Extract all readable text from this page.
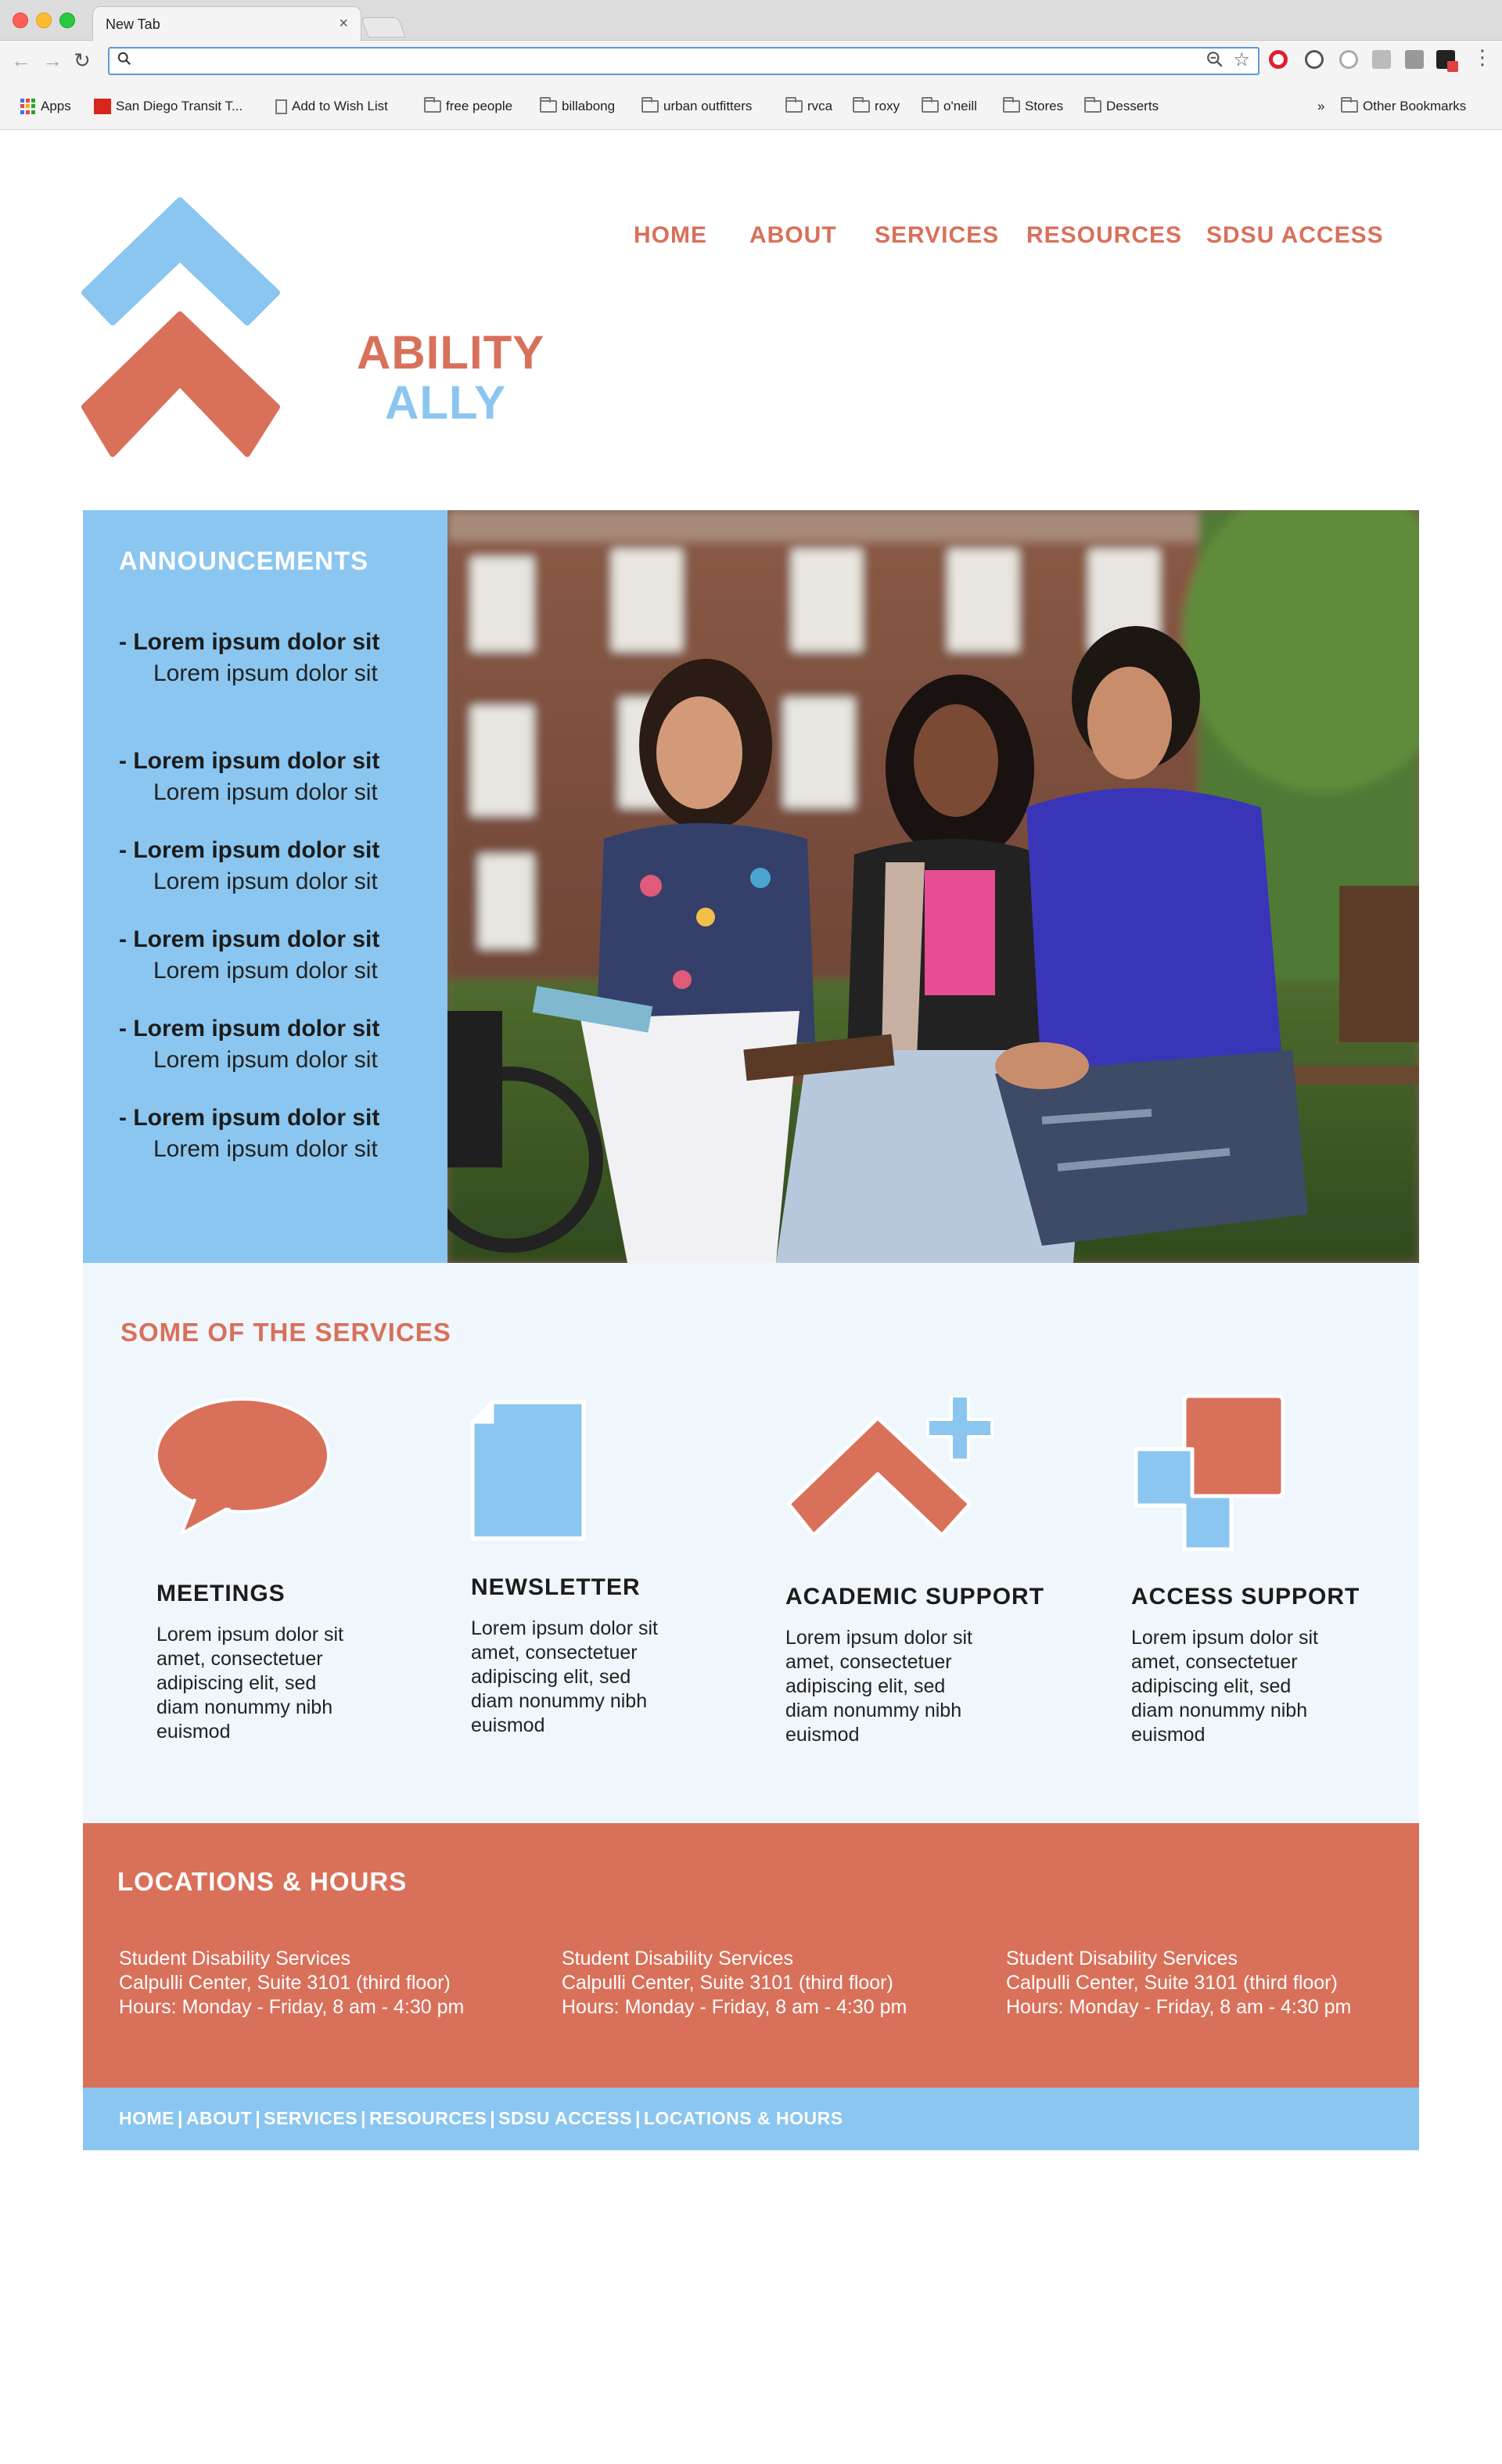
New Tab	×
← → ↻	☆	⋮
Apps	San Diego Transit T...	Add to Wish List	free people	billabong	urban outfitters	rvca	roxy	o'neill	Stores	Desserts	»	Other Bookmarks
ABILITY
ALLY
HOME ABOUT SERVICES RESOURCES SDSU ACCESS
ANNOUNCEMENTS
- Lorem ipsum dolor sit
Lorem ipsum dolor sit
- Lorem ipsum dolor sit
Lorem ipsum dolor sit
- Lorem ipsum dolor sit
Lorem ipsum dolor sit
- Lorem ipsum dolor sit
Lorem ipsum dolor sit
- Lorem ipsum dolor sit
Lorem ipsum dolor sit
- Lorem ipsum dolor sit
Lorem ipsum dolor sit
SOME OF THE SERVICES
MEETINGS
Lorem ipsum dolor sit
amet, consectetuer
adipiscing elit, sed
diam nonummy nibh
euismod
NEWSLETTER
Lorem ipsum dolor sit
amet, consectetuer
adipiscing elit, sed
diam nonummy nibh
euismod
ACADEMIC SUPPORT
Lorem ipsum dolor sit
amet, consectetuer
adipiscing elit, sed
diam nonummy nibh
euismod
ACCESS SUPPORT
Lorem ipsum dolor sit
amet, consectetuer
adipiscing elit, sed
diam nonummy nibh
euismod
LOCATIONS & HOURS
Student Disability Services
Calpulli Center, Suite 3101 (third floor)
Hours: Monday - Friday, 8 am - 4:30 pm
Student Disability Services
Calpulli Center, Suite 3101 (third floor)
Hours: Monday - Friday, 8 am - 4:30 pm
Student Disability Services
Calpulli Center, Suite 3101 (third floor)
Hours: Monday - Friday, 8 am - 4:30 pm
HOME | ABOUT | SERVICES | RESOURCES | SDSU ACCESS | LOCATIONS & HOURS
